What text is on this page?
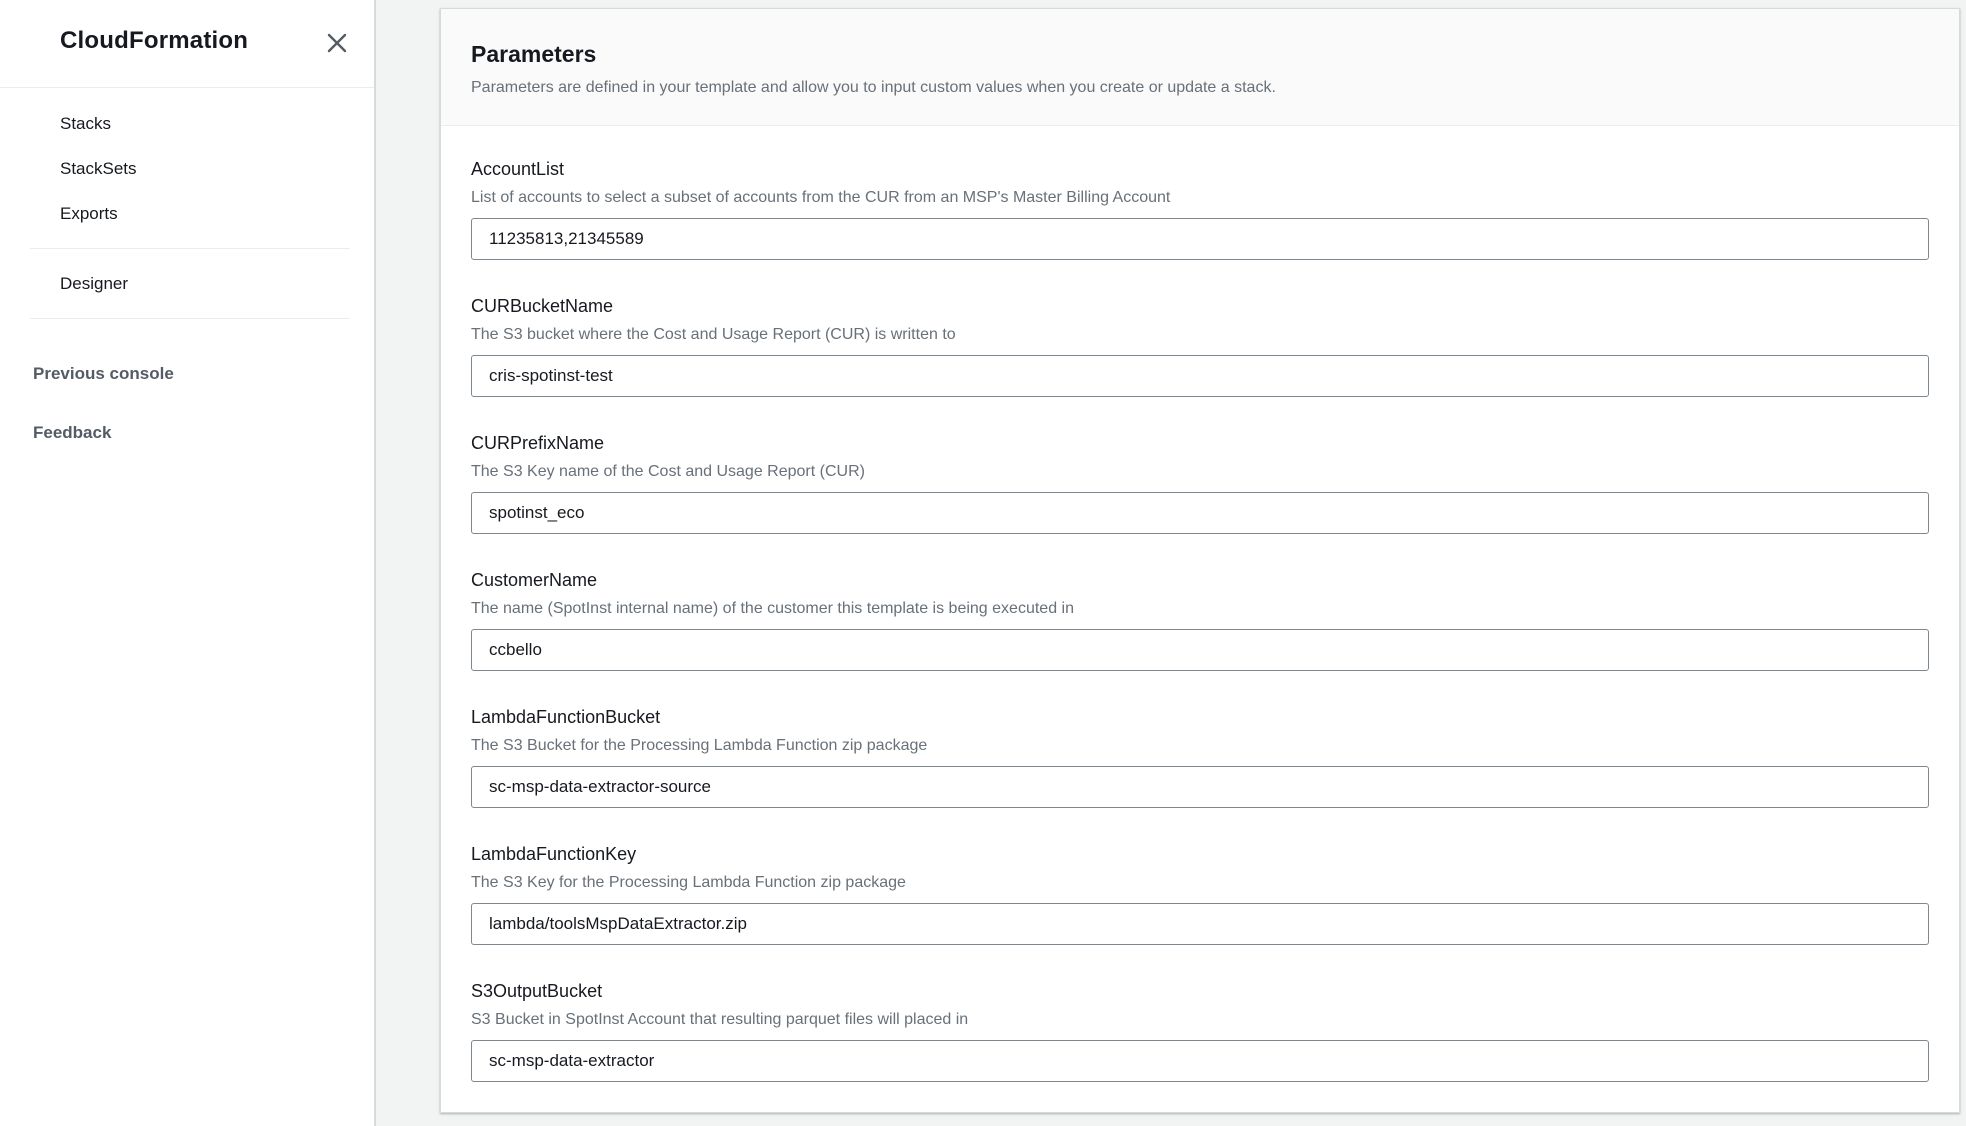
CloudFormation
Stacks
StackSets
Exports
Designer
Previous console
Feedback
Parameters

Parameters are defined in your template and allow you to input custom values when you create or update a stack.

AccountList
List of accounts to select a subset of accounts from the CUR from an MSP's Master Billing Account
11235813,21345589
CURBucketName
The S3 bucket where the Cost and Usage Report (CUR) is written to
cris-spotinst-test
CURPrefixName
The S3 Key name of the Cost and Usage Report (CUR)
spotinst_eco
CustomerName
The name (SpotInst internal name) of the customer this template is being executed in
ccbello
LambdaFunctionBucket
The S3 Bucket for the Processing Lambda Function zip package
sc-msp-data-extractor-source
LambdaFunctionKey
The S3 Key for the Processing Lambda Function zip package
lambda/toolsMspDataExtractor.zip
S3OutputBucket
S3 Bucket in SpotInst Account that resulting parquet files will placed in
sc-msp-data-extractor
